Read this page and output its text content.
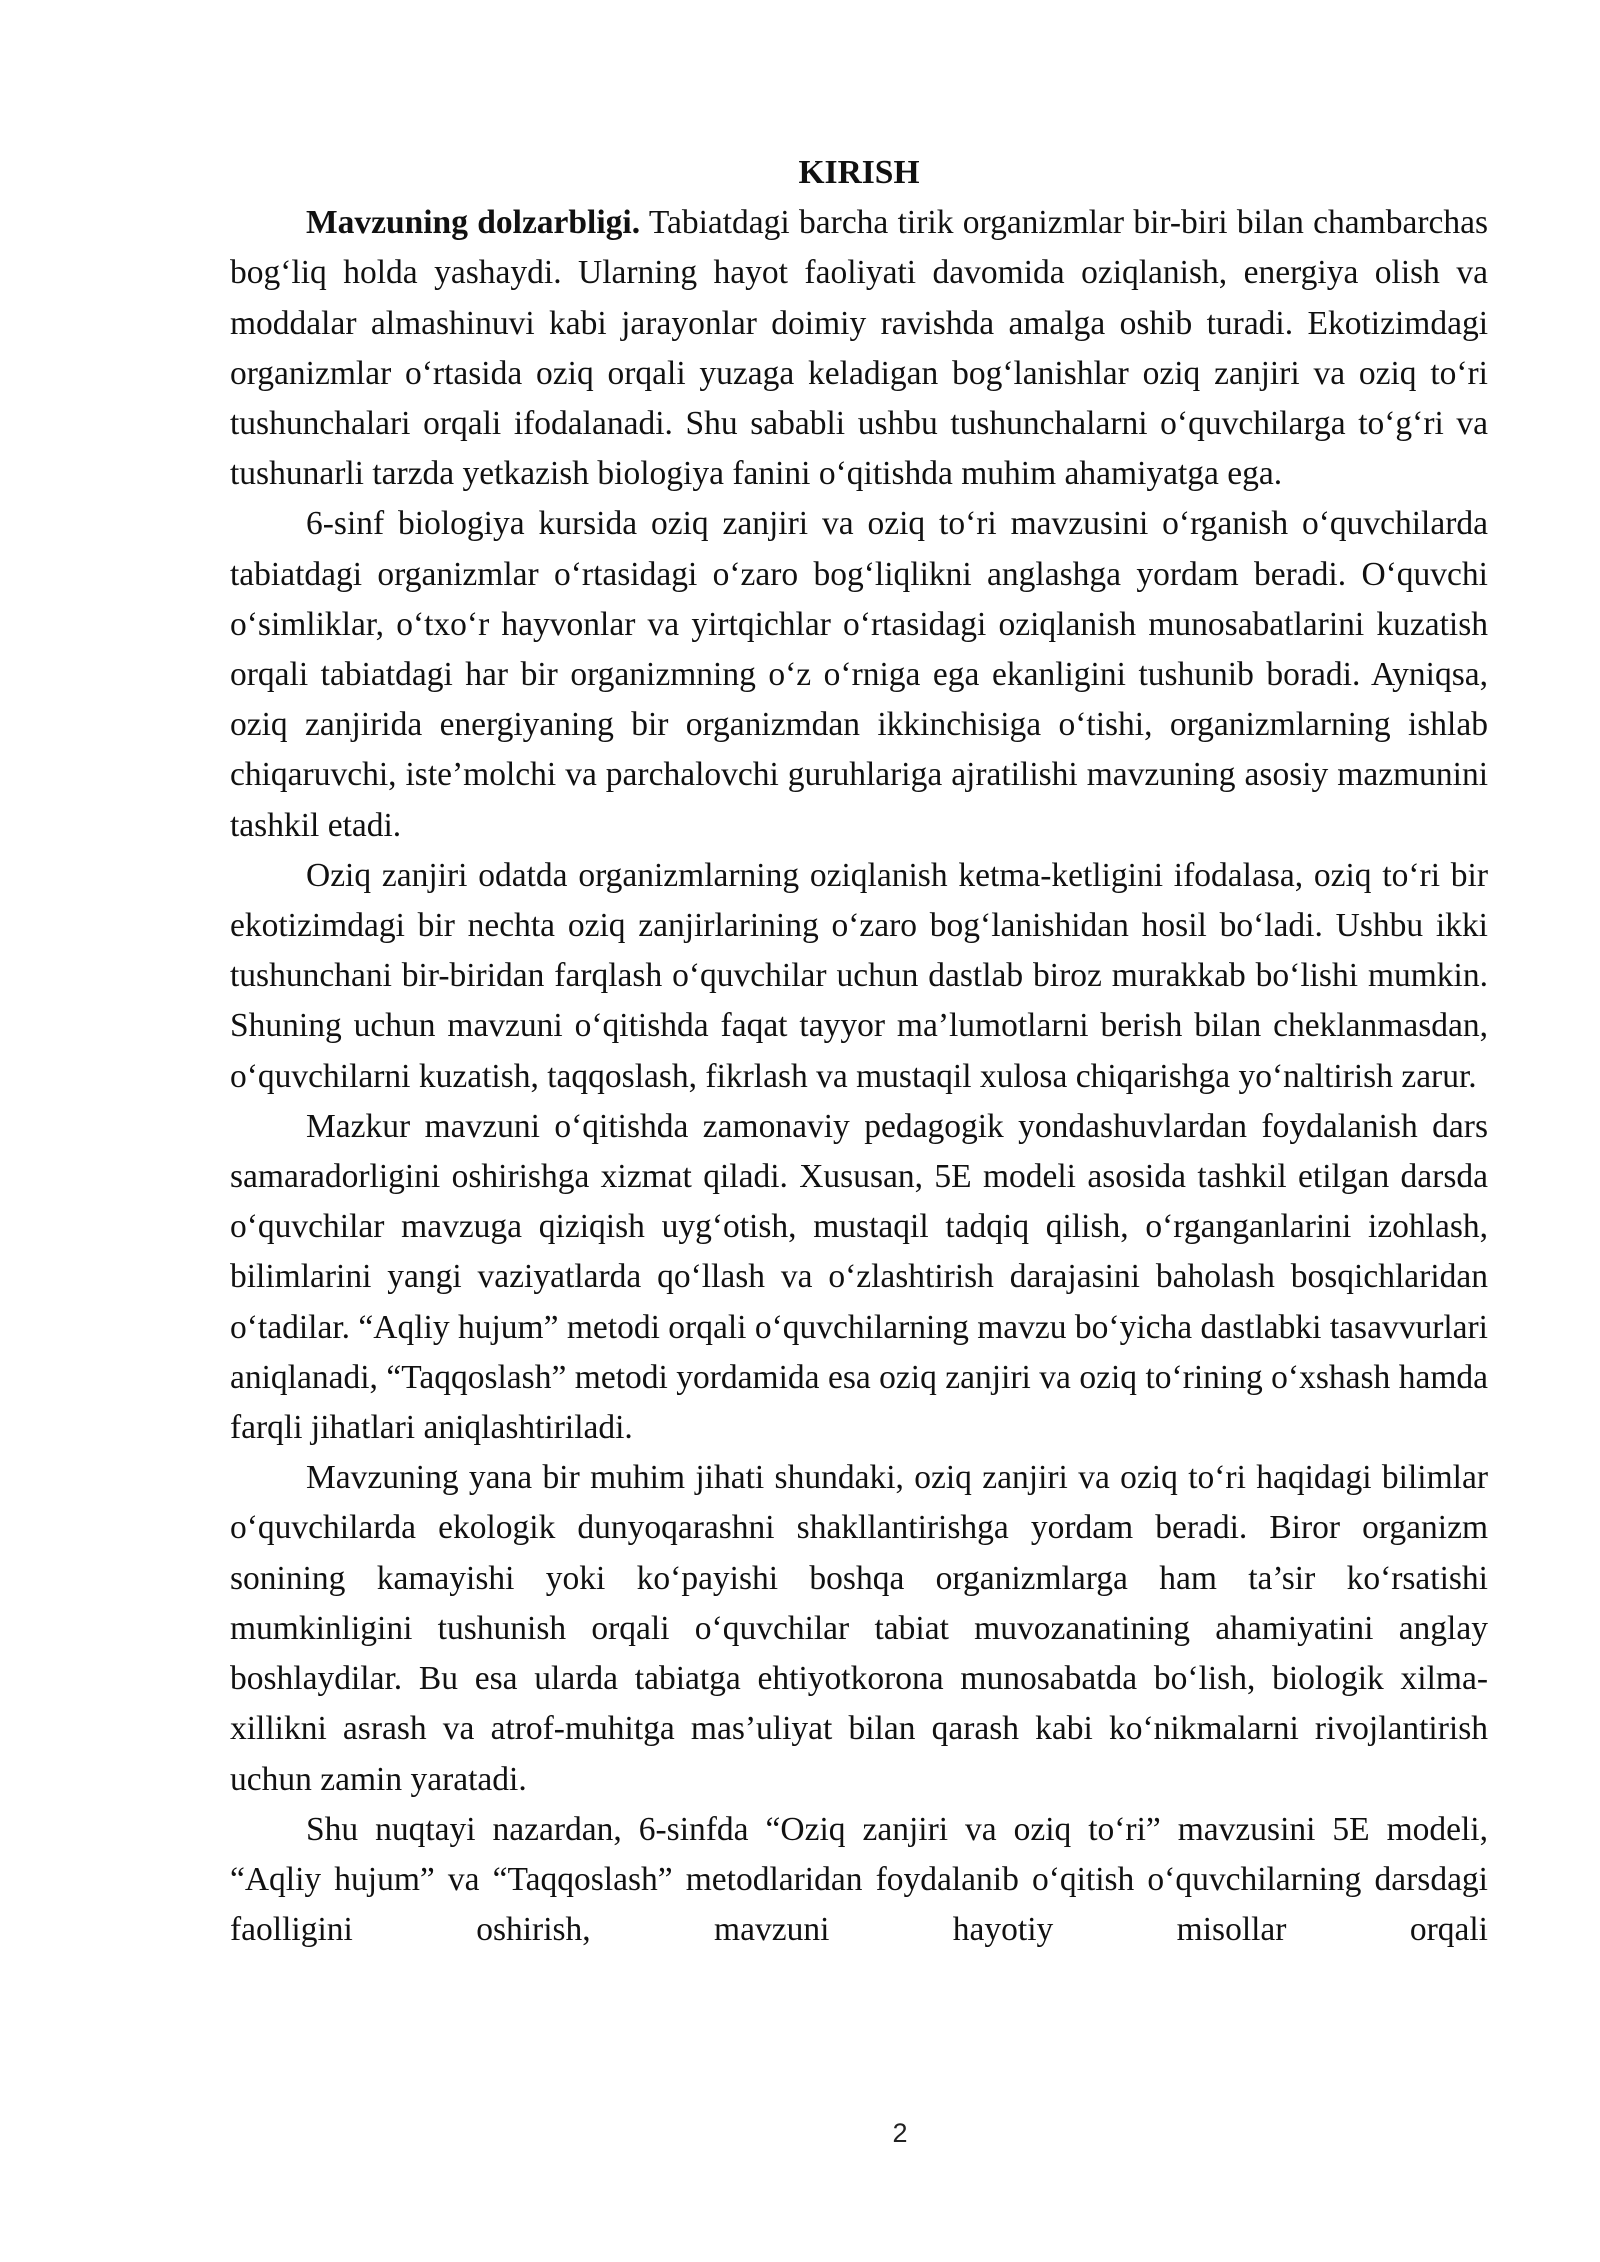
KIRISH

Mavzuning dolzarbligi. Tabiatdagi barcha tirik organizmlar bir-biri bilan chambarchas bog‘liq holda yashaydi. Ularning hayot faoliyati davomida oziqlanish, energiya olish va moddalar almashinuvi kabi jarayonlar doimiy ravishda amalga oshib turadi. Ekotizimdagi organizmlar o‘rtasida oziq orqali yuzaga keladigan bog‘lanishlar oziq zanjiri va oziq to‘ri tushunchalari orqali ifodalanadi. Shu sababli ushbu tushunchalarni o‘quvchilarga to‘g‘ri va tushunarli tarzda yetkazish biologiya fanini o‘qitishda muhim ahamiyatga ega.

6-sinf biologiya kursida oziq zanjiri va oziq to‘ri mavzusini o‘rganish o‘quvchilarda tabiatdagi organizmlar o‘rtasidagi o‘zaro bog‘liqlikni anglashga yordam beradi. O‘quvchi o‘simliklar, o‘txo‘r hayvonlar va yirtqichlar o‘rtasidagi oziqlanish munosabatlarini kuzatish orqali tabiatdagi har bir organizmning o‘z o‘rniga ega ekanligini tushunib boradi. Ayniqsa, oziq zanjirida energiyaning bir organizmdan ikkinchisiga o‘tishi, organizmlarning ishlab chiqaruvchi, iste’molchi va parchalovchi guruhlariga ajratilishi mavzuning asosiy mazmunini tashkil etadi.

Oziq zanjiri odatda organizmlarning oziqlanish ketma-ketligini ifodalasa, oziq to‘ri bir ekotizimdagi bir nechta oziq zanjirlarining o‘zaro bog‘lanishidan hosil bo‘ladi. Ushbu ikki tushunchani bir-biridan farqlash o‘quvchilar uchun dastlab biroz murakkab bo‘lishi mumkin. Shuning uchun mavzuni o‘qitishda faqat tayyor ma’lumotlarni berish bilan cheklanmasdan, o‘quvchilarni kuzatish, taqqoslash, fikrlash va mustaqil xulosa chiqarishga yo‘naltirish zarur.

Mazkur mavzuni o‘qitishda zamonaviy pedagogik yondashuvlardan foydalanish dars samaradorligini oshirishga xizmat qiladi. Xususan, 5E modeli asosida tashkil etilgan darsda o‘quvchilar mavzuga qiziqish uyg‘otish, mustaqil tadqiq qilish, o‘rganganlarini izohlash, bilimlarini yangi vaziyatlarda qo‘llash va o‘zlashtirish darajasini baholash bosqichlaridan o‘tadilar. “Aqliy hujum” metodi orqali o‘quvchilarning mavzu bo‘yicha dastlabki tasavvurlari aniqlanadi, “Taqqoslash” metodi yordamida esa oziq zanjiri va oziq to‘rining o‘xshash hamda farqli jihatlari aniqlashtiriladi.

Mavzuning yana bir muhim jihati shundaki, oziq zanjiri va oziq to‘ri haqidagi bilimlar o‘quvchilarda ekologik dunyoqarashni shakllantirishga yordam beradi. Biror organizm sonining kamayishi yoki ko‘payishi boshqa organizmlarga ham ta’sir ko‘rsatishi mumkinligini tushunish orqali o‘quvchilar tabiat muvozanatining ahamiyatini anglay boshlaydilar. Bu esa ularda tabiatga ehtiyotkorona munosabatda bo‘lish, biologik xilma-xillikni asrash va atrof-muhitga mas’uliyat bilan qarash kabi ko‘nikmalarni rivojlantirish uchun zamin yaratadi.

Shu nuqtayi nazardan, 6-sinfda “Oziq zanjiri va oziq to‘ri” mavzusini 5E modeli, “Aqliy hujum” va “Taqqoslash” metodlaridan foydalanib o‘qitish o‘quvchilarning darsdagi faolligini oshirish, mavzuni hayotiy misollar orqali

2
